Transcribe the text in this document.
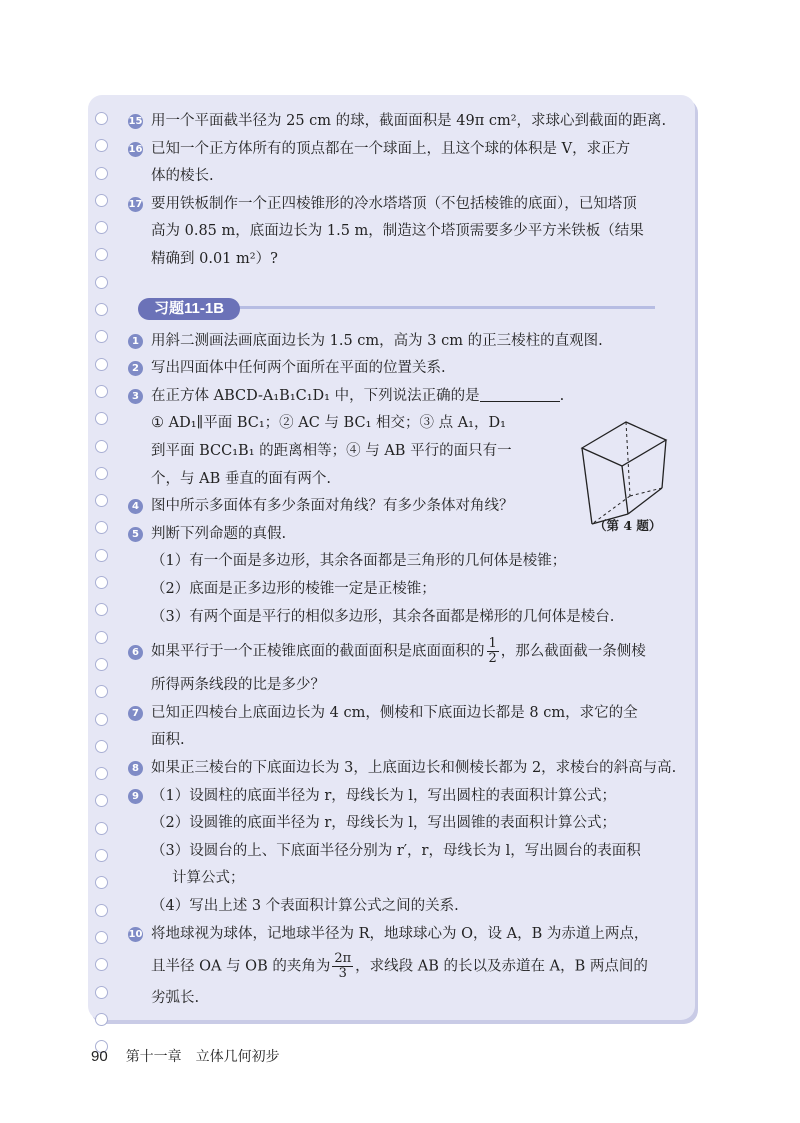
15 用一个平面截半径为 25 cm 的球，截面面积是 49π cm²，求球心到截面的距离.
16 已知一个正方体所有的顶点都在一个球面上，且这个球的体积是 V，求正方
体的棱长.
17 要用铁板制作一个正四棱锥形的冷水塔塔顶（不包括棱锥的底面），已知塔顶
高为 0.85 m，底面边长为 1.5 m，制造这个塔顶需要多少平方米铁板（结果
精确到 0.01 m²）?
习题11-1B
1 用斜二测画法画底面边长为 1.5 cm，高为 3 cm 的正三棱柱的直观图.
2 写出四面体中任何两个面所在平面的位置关系.
3 在正方体 ABCD-A₁B₁C₁D₁ 中，下列说法正确的是	.
① AD₁∥平面 BC₁；② AC 与 BC₁ 相交；③ 点 A₁，D₁
到平面 BCC₁B₁ 的距离相等；④ 与 AB 平行的面只有一
个，与 AB 垂直的面有两个.
4 图中所示多面体有多少条面对角线？有多少条体对角线？
5 判断下列命题的真假.
（1）有一个面是多边形，其余各面都是三角形的几何体是棱锥；
（2）底面是正多边形的棱锥一定是正棱锥；
（3）有两个面是平行的相似多边形，其余各面都是梯形的几何体是棱台.
6 如果平行于一个正棱锥底面的截面面积是底面面积的 $\frac{1}{2}$ ，那么截面截一条侧棱
所得两条线段的比是多少？
7 已知正四棱台上底面边长为 4 cm，侧棱和下底面边长都是 8 cm，求它的全
面积.
8 如果正三棱台的下底面边长为 3，上底面边长和侧棱长都为 2，求棱台的斜高与高.
9 （1）设圆柱的底面半径为 r，母线长为 l，写出圆柱的表面积计算公式；
（2）设圆锥的底面半径为 r，母线长为 l，写出圆锥的表面积计算公式；
（3）设圆台的上、下底面半径分别为 r′，r，母线长为 l，写出圆台的表面积
计算公式；
（4）写出上述 3 个表面积计算公式之间的关系.
10 将地球视为球体，记地球半径为 R，地球球心为 O，设 A，B 为赤道上两点，
且半径 OA 与 OB 的夹角为 $\frac{2\pi}{3}$ ，求线段 AB 的长以及赤道在 A，B 两点间的
劣弧长.
（第 4 题）
90 第十一章　立体几何初步
